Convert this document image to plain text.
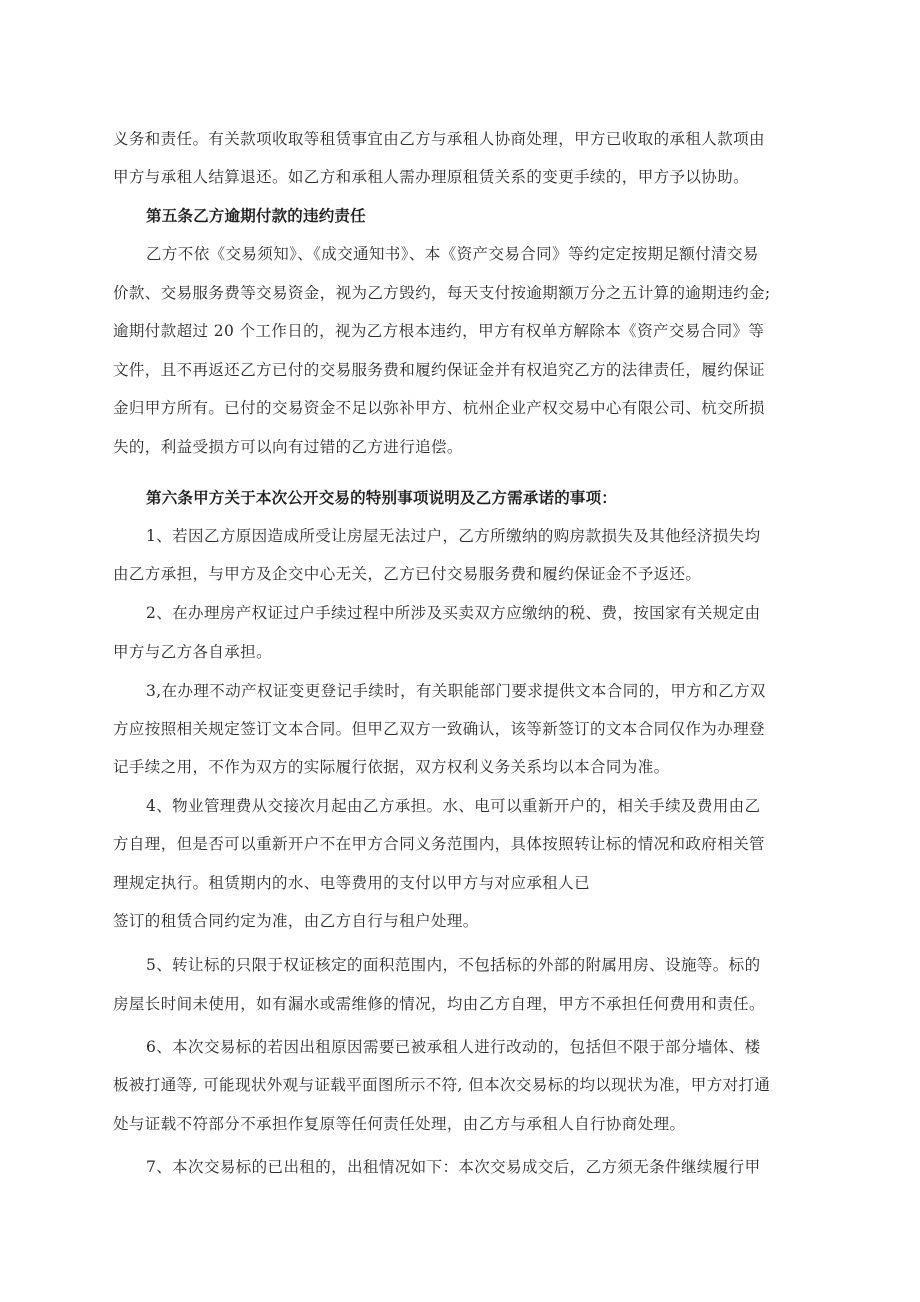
义务和责任。有关款项收取等租赁事宜由乙方与承租人协商处理，甲方已收取的承租人款项由
甲方与承租人结算退还。如乙方和承租人需办理原租赁关系的变更手续的，甲方予以协助。
第五条乙方逾期付款的违约责任
乙方不依《交易须知》、《成交通知书》、本《资产交易合同》等约定定按期足额付清交易
价款、交易服务费等交易资金，视为乙方毁约，每天支付按逾期额万分之五计算的逾期违约金;
逾期付款超过 20 个工作日的，视为乙方根本违约，甲方有权单方解除本《资产交易合同》等
文件，且不再返还乙方已付的交易服务费和履约保证金并有权追究乙方的法律责任，履约保证
金归甲方所有。已付的交易资金不足以弥补甲方、杭州企业产权交易中心有限公司、杭交所损
失的，利益受损方可以向有过错的乙方进行追偿。
第六条甲方关于本次公开交易的特别事项说明及乙方需承诺的事项：
1、若因乙方原因造成所受让房屋无法过户，乙方所缴纳的购房款损失及其他经济损失均
由乙方承担，与甲方及企交中心无关，乙方已付交易服务费和履约保证金不予返还。
2、在办理房产权证过户手续过程中所涉及买卖双方应缴纳的税、费，按国家有关规定由
甲方与乙方各自承担。
3,在办理不动产权证变更登记手续时，有关职能部门要求提供文本合同的，甲方和乙方双
方应按照相关规定签订文本合同。但甲乙双方一致确认，该等新签订的文本合同仅作为办理登
记手续之用，不作为双方的实际履行依据，双方权利义务关系均以本合同为准。
4、物业管理费从交接次月起由乙方承担。水、电可以重新开户的，相关手续及费用由乙
方自理，但是否可以重新开户不在甲方合同义务范围内，具体按照转让标的情况和政府相关管
理规定执行。租赁期内的水、电等费用的支付以甲方与对应承租人已
签订的租赁合同约定为准，由乙方自行与租户处理。
5、转让标的只限于权证核定的面积范围内，不包括标的外部的附属用房、设施等。标的
房屋长时间未使用，如有漏水或需维修的情况，均由乙方自理，甲方不承担任何费用和责任。
6、本次交易标的若因出租原因需要已被承租人进行改动的，包括但不限于部分墙体、楼
板被打通等, 可能现状外观与证载平面图所示不符, 但本次交易标的均以现状为准，甲方对打通
处与证载不符部分不承担作复原等任何责任处理，由乙方与承租人自行协商处理。
7、本次交易标的已出租的，出租情况如下：本次交易成交后，乙方须无条件继续履行甲
